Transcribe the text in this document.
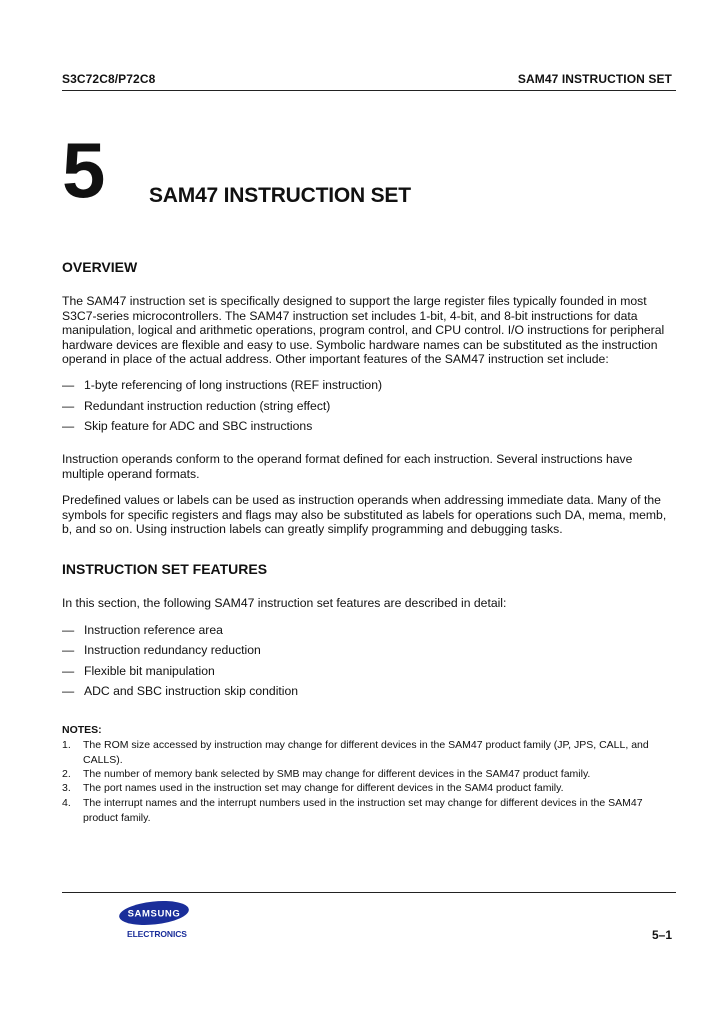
S3C72C8/P72C8	SAM47 INSTRUCTION SET
5 SAM47 INSTRUCTION SET
OVERVIEW
The SAM47 instruction set is specifically designed to support the large register files typically founded in most S3C7-series microcontrollers. The SAM47 instruction set includes 1-bit, 4-bit, and 8-bit instructions for data manipulation, logical and arithmetic operations, program control, and CPU control. I/O instructions for peripheral hardware devices are flexible and easy to use. Symbolic hardware names can be substituted as the instruction operand in place of the actual address. Other important features of the SAM47 instruction set include:
— 1-byte referencing of long instructions (REF instruction)
— Redundant instruction reduction (string effect)
— Skip feature for ADC and SBC instructions
Instruction operands conform to the operand format defined for each instruction. Several instructions have multiple operand formats.
Predefined values or labels can be used as instruction operands when addressing immediate data. Many of the symbols for specific registers and flags may also be substituted as labels for operations such DA, mema, memb, b, and so on. Using instruction labels can greatly simplify programming and debugging tasks.
INSTRUCTION SET FEATURES
In this section, the following SAM47 instruction set features are described in detail:
— Instruction reference area
— Instruction redundancy reduction
— Flexible bit manipulation
— ADC and SBC instruction skip condition
NOTES:
1. The ROM size accessed by instruction may change for different devices in the SAM47 product family (JP, JPS, CALL, and CALLS).
2. The number of memory bank selected by SMB may change for different devices in the SAM47 product family.
3. The port names used in the instruction set may change for different devices in the SAM4 product family.
4. The interrupt names and the interrupt numbers used in the instruction set may change for different devices in the SAM47 product family.
SAMSUNG
ELECTRONICS	5–1
